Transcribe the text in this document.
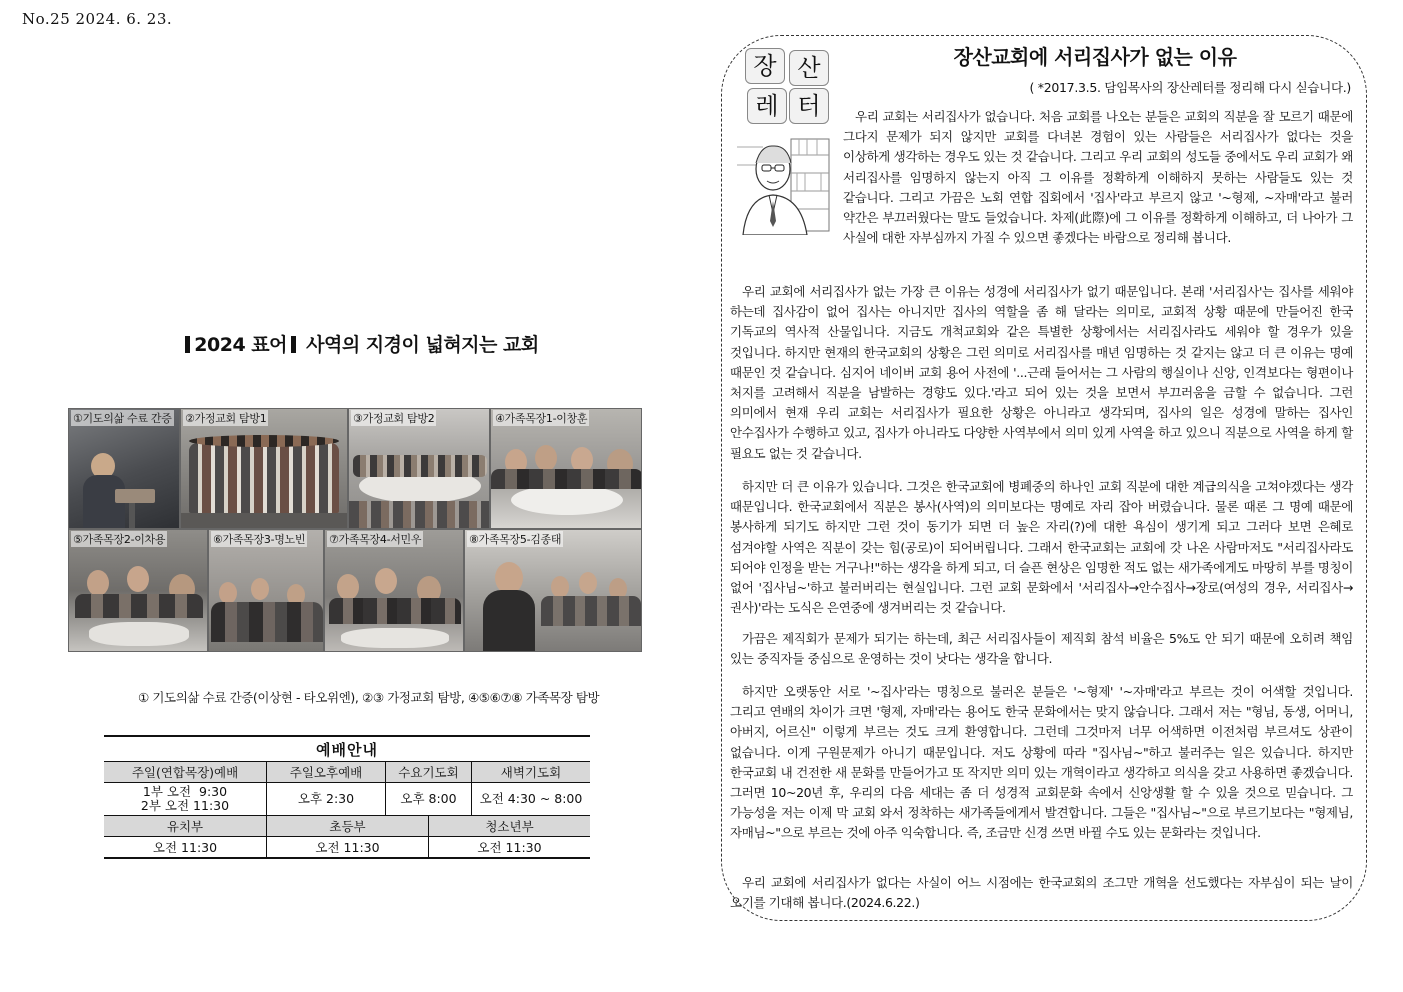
No.25 2024. 6. 23.
2024 표어 사역의 지경이 넓혀지는 교회
①기도의삶 수료 간증 ②가정교회 탐방1	③가정교회 탐방2	④가족목장1-이창훈
⑤가족목장2-이차용	⑥가족목장3-명노빈 ⑦가족목장4-서민우	⑧가족목장5-김종태
① 기도의삶 수료 간증(이상현 - 타오위엔), ②③ 가정교회 탐방, ④⑤⑥⑦⑧ 가족목장 탐방
예배안내
주일(연합목장)예배	주일오후예배	수요기도회	새벽기도회
1부 오전  9:30
2부 오전 11:30	오후 2:30	오후 8:00	오전 4:30 ~ 8:00
유치부	초등부	청소년부
오전 11:30	오전 11:30	오전 11:30
장 산
레 터
장산교회에 서리집사가 없는 이유
( *2017.3.5. 담임목사의 장산레터를 정리해 다시 싣습니다.)

우리 교회는 서리집사가 없습니다. 처음 교회를 나오는 분들은 교회의 직분을 잘 모르기 때문에 그다지 문제가 되지 않지만 교회를 다녀본 경험이 있는 사람들은 서리집사가 없다는 것을 이상하게 생각하는 경우도 있는 것 같습니다. 그리고 우리 교회의 성도들 중에서도 우리 교회가 왜 서리집사를 임명하지 않는지 아직 그 이유를 정확하게 이해하지 못하는 사람들도 있는 것 같습니다. 그리고 가끔은 노회 연합 집회에서 '집사'라고 부르지 않고 '~형제, ~자매'라고 불러 약간은 부끄러웠다는 말도 들었습니다. 차제(此際)에 그 이유를 정확하게 이해하고, 더 나아가 그 사실에 대한 자부심까지 가질 수 있으면 좋겠다는 바람으로 정리해 봅니다.

우리 교회에 서리집사가 없는 가장 큰 이유는 성경에 서리집사가 없기 때문입니다. 본래 '서리집사'는 집사를 세워야 하는데 집사감이 없어 집사는 아니지만 집사의 역할을 좀 해 달라는 의미로, 교회적 상황 때문에 만들어진 한국 기독교의 역사적 산물입니다. 지금도 개척교회와 같은 특별한 상황에서는 서리집사라도 세워야 할 경우가 있을 것입니다. 하지만 현재의 한국교회의 상황은 그런 의미로 서리집사를 매년 임명하는 것 같지는 않고 더 큰 이유는 명예 때문인 것 같습니다. 심지어 네이버 교회 용어 사전에 '...근래 들어서는 그 사람의 행실이나 신앙, 인격보다는 형편이나 처지를 고려해서 직분을 남발하는 경향도 있다.'라고 되어 있는 것을 보면서 부끄러움을 금할 수 없습니다. 그런 의미에서 현재 우리 교회는 서리집사가 필요한 상황은 아니라고 생각되며, 집사의 일은 성경에 말하는 집사인 안수집사가 수행하고 있고, 집사가 아니라도 다양한 사역부에서 의미 있게 사역을 하고 있으니 직분으로 사역을 하게 할 필요도 없는 것 같습니다.

하지만 더 큰 이유가 있습니다. 그것은 한국교회에 병폐중의 하나인 교회 직분에 대한 계급의식을 고쳐야겠다는 생각 때문입니다. 한국교회에서 직분은 봉사(사역)의 의미보다는 명예로 자리 잡아 버렸습니다. 물론 때론 그 명예 때문에 봉사하게 되기도 하지만 그런 것이 동기가 되면 더 높은 자리(?)에 대한 욕심이 생기게 되고 그러다 보면 은혜로 섬겨야할 사역은 직분이 갖는 힘(공로)이 되어버립니다. 그래서 한국교회는 교회에 갓 나온 사람마저도 "서리집사라도 되어야 인정을 받는 거구나!"하는 생각을 하게 되고, 더 슬픈 현상은 임명한 적도 없는 새가족에게도 마땅히 부를 명칭이 없어 '집사님~'하고 불러버리는 현실입니다. 그런 교회 문화에서 '서리집사→안수집사→장로(여성의 경우, 서리집사→권사)'라는 도식은 은연중에 생겨버리는 것 같습니다.

가끔은 제직회가 문제가 되기는 하는데, 최근 서리집사들이 제직회 참석 비율은 5%도 안 되기 때문에 오히려 책임 있는 중직자들 중심으로 운영하는 것이 낫다는 생각을 합니다.

하지만 오랫동안 서로 '~집사'라는 명칭으로 불러온 분들은 '~형제' '~자매'라고 부르는 것이 어색할 것입니다. 그리고 연배의 차이가 크면 '형제, 자매'라는 용어도 한국 문화에서는 맞지 않습니다. 그래서 저는 "형님, 동생, 어머니, 아버지, 어르신" 이렇게 부르는 것도 크게 환영합니다. 그런데 그것마저 너무 어색하면 이전처럼 부르셔도 상관이 없습니다. 이게 구원문제가 아니기 때문입니다. 저도 상황에 따라 "집사님~"하고 불러주는 일은 있습니다. 하지만 한국교회 내 건전한 새 문화를 만들어가고 또 작지만 의미 있는 개혁이라고 생각하고 의식을 갖고 사용하면 좋겠습니다. 그러면 10~20년 후, 우리의 다음 세대는 좀 더 성경적 교회문화 속에서 신앙생활 할 수 있을 것으로 믿습니다. 그 가능성을 저는 이제 막 교회 와서 정착하는 새가족들에게서 발견합니다. 그들은 "집사님~"으로 부르기보다는 "형제님, 자매님~"으로 부르는 것에 아주 익숙합니다. 즉, 조금만 신경 쓰면 바뀔 수도 있는 문화라는 것입니다.

우리 교회에 서리집사가 없다는 사실이 어느 시점에는 한국교회의 조그만 개혁을 선도했다는 자부심이 되는 날이 오기를 기대해 봅니다.(2024.6.22.)
